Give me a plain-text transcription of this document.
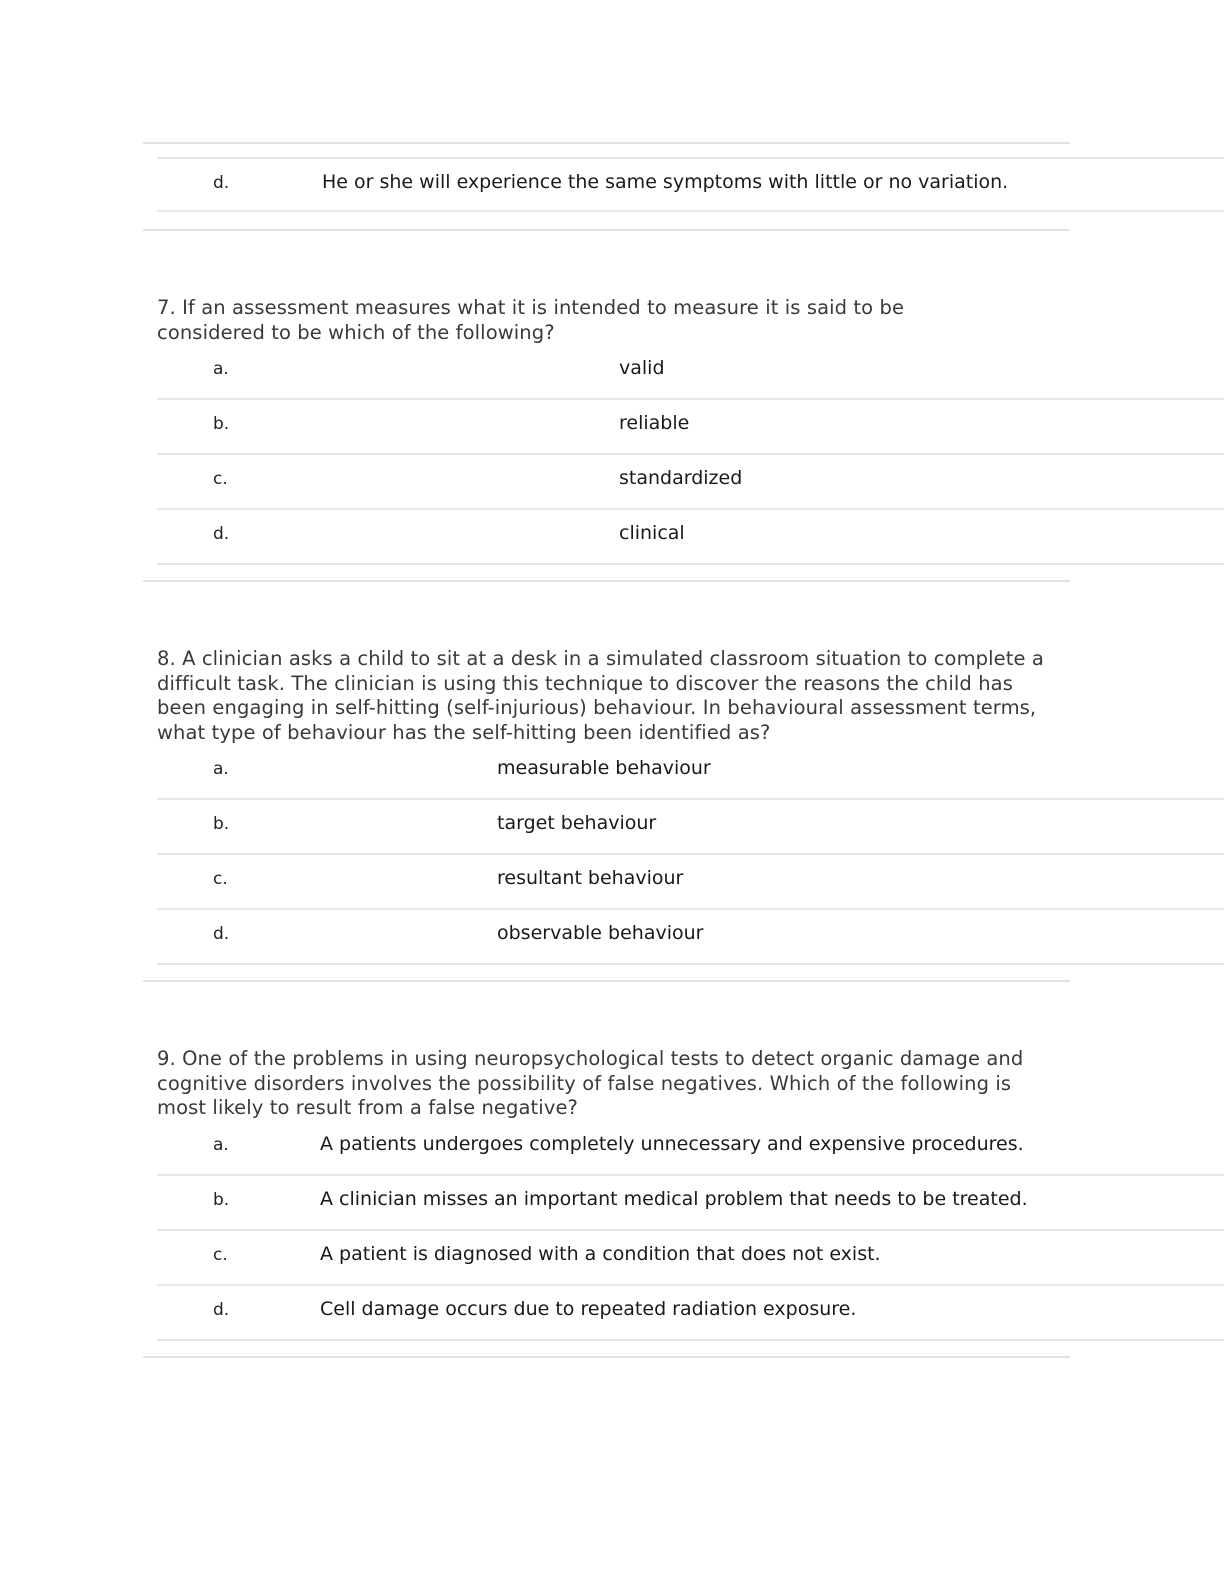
d.	He or she will experience the same symptoms with little or no variation.
7. If an assessment measures what it is intended to measure it is said to be considered to be which of the following?
a.	valid
b.	reliable
c.	standardized
d.	clinical
8. A clinician asks a child to sit at a desk in a simulated classroom situation to complete a difficult task. The clinician is using this technique to discover the reasons the child has been engaging in self-hitting (self-injurious) behaviour. In behavioural assessment terms, what type of behaviour has the self-hitting been identified as?
a.	measurable behaviour
b.	target behaviour
c.	resultant behaviour
d.	observable behaviour
9. One of the problems in using neuropsychological tests to detect organic damage and cognitive disorders involves the possibility of false negatives. Which of the following is most likely to result from a false negative?
a.	A patients undergoes completely unnecessary and expensive procedures.
b.	A clinician misses an important medical problem that needs to be treated.
c.	A patient is diagnosed with a condition that does not exist.
d.	Cell damage occurs due to repeated radiation exposure.
